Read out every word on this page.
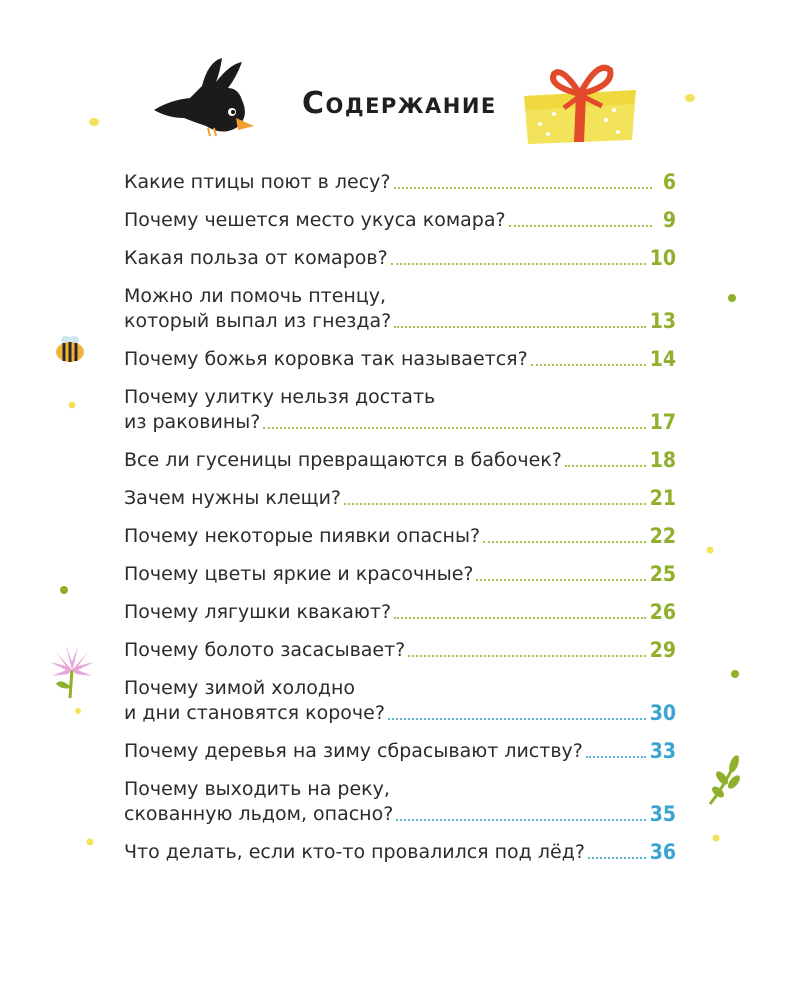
Содержание
Какие птицы поют в лесу?	6
Почему чешется место укуса комара?	9
Какая польза от комаров?	10
Можно ли помочь птенцу,
который выпал из гнезда?	13
Почему божья коровка так называется?	14
Почему улитку нельзя достать
из раковины?	17
Все ли гусеницы превращаются в бабочек?	18
Зачем нужны клещи?	21
Почему некоторые пиявки опасны?	22
Почему цветы яркие и красочные?	25
Почему лягушки квакают?	26
Почему болото засасывает?	29
Почему зимой холодно
и дни становятся короче?	30
Почему деревья на зиму сбрасывают листву?	33
Почему выходить на реку,
скованную льдом, опасно?	35
Что делать, если кто-то провалился под лёд?	36
